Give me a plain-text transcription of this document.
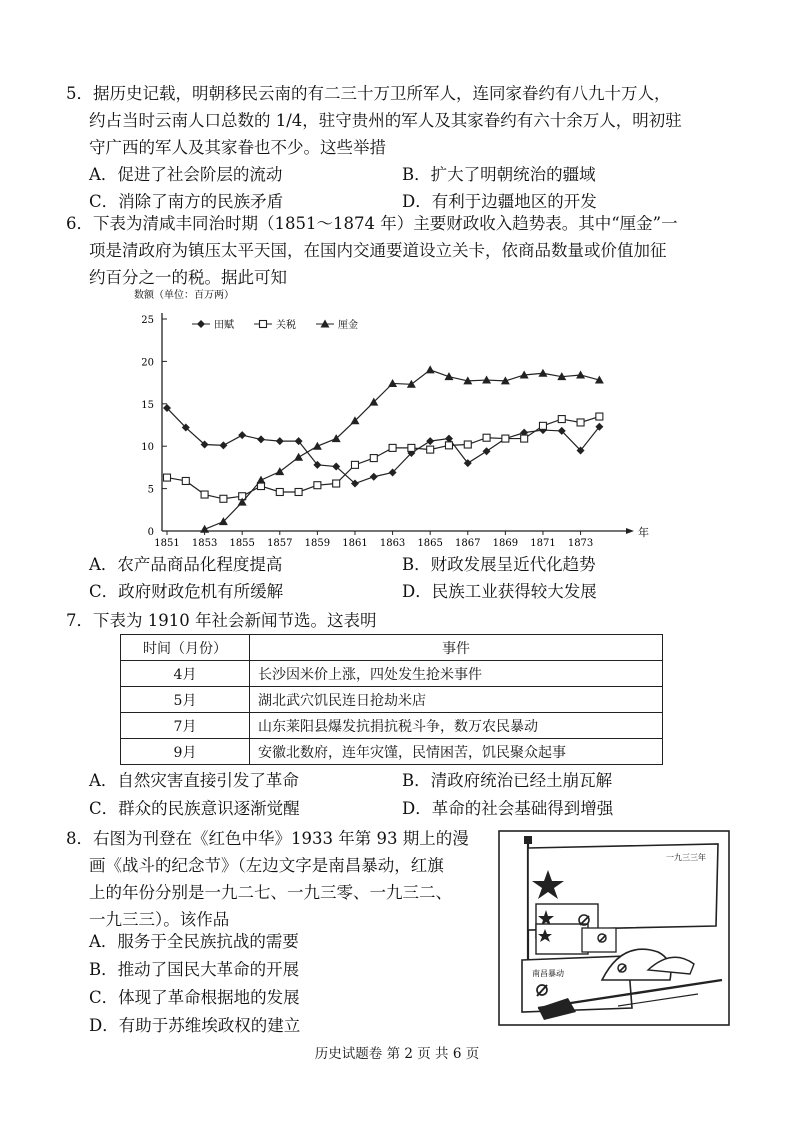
5．据历史记载，明朝移民云南的有二三十万卫所军人，连同家眷约有八九十万人，
约占当时云南人口总数的 1/4，驻守贵州的军人及其家眷约有六十余万人，明初驻
守广西的军人及其家眷也不少。这些举措
A．促进了社会阶层的流动	B．扩大了明朝统治的疆域
C．消除了南方的民族矛盾	D．有利于边疆地区的开发
6．下表为清咸丰同治时期（1851～1874 年）主要财政收入趋势表。其中“厘金”一
项是清政府为镇压太平天国，在国内交通要道设立关卡，依商品数量或价值加征
约百分之一的税。据此可知
数额（单位：百万两）
年
0
5
10
15
20
25
1851 1853 1855 1857 1859 1861 1863 1865 1867 1869 1871 1873
田赋	关税	厘金
A．农产品商品化程度提高	B．财政发展呈近代化趋势
C．政府财政危机有所缓解	D．民族工业获得较大发展
7．下表为 1910 年社会新闻节选。这表明
时间（月份）	事件
4月	长沙因米价上涨，四处发生抢米事件
5月	湖北武穴饥民连日抢劫米店
7月	山东莱阳县爆发抗捐抗税斗争，数万农民暴动
9月	安徽北数府，连年灾馑，民情困苦，饥民聚众起事
A．自然灾害直接引发了革命	B．清政府统治已经土崩瓦解
C．群众的民族意识逐渐觉醒	D．革命的社会基础得到增强
8．右图为刊登在《红色中华》1933 年第 93 期上的漫
画《战斗的纪念节》（左边文字是南昌暴动，红旗
上的年份分别是一九二七、一九三零、一九三二、
一九三三）。该作品
A．服务于全民族抗战的需要
B．推动了国民大革命的开展
C．体现了革命根据地的发展
D．有助于苏维埃政权的建立
一九三三年
南昌暴动
历史试题卷 第 2 页 共 6 页
